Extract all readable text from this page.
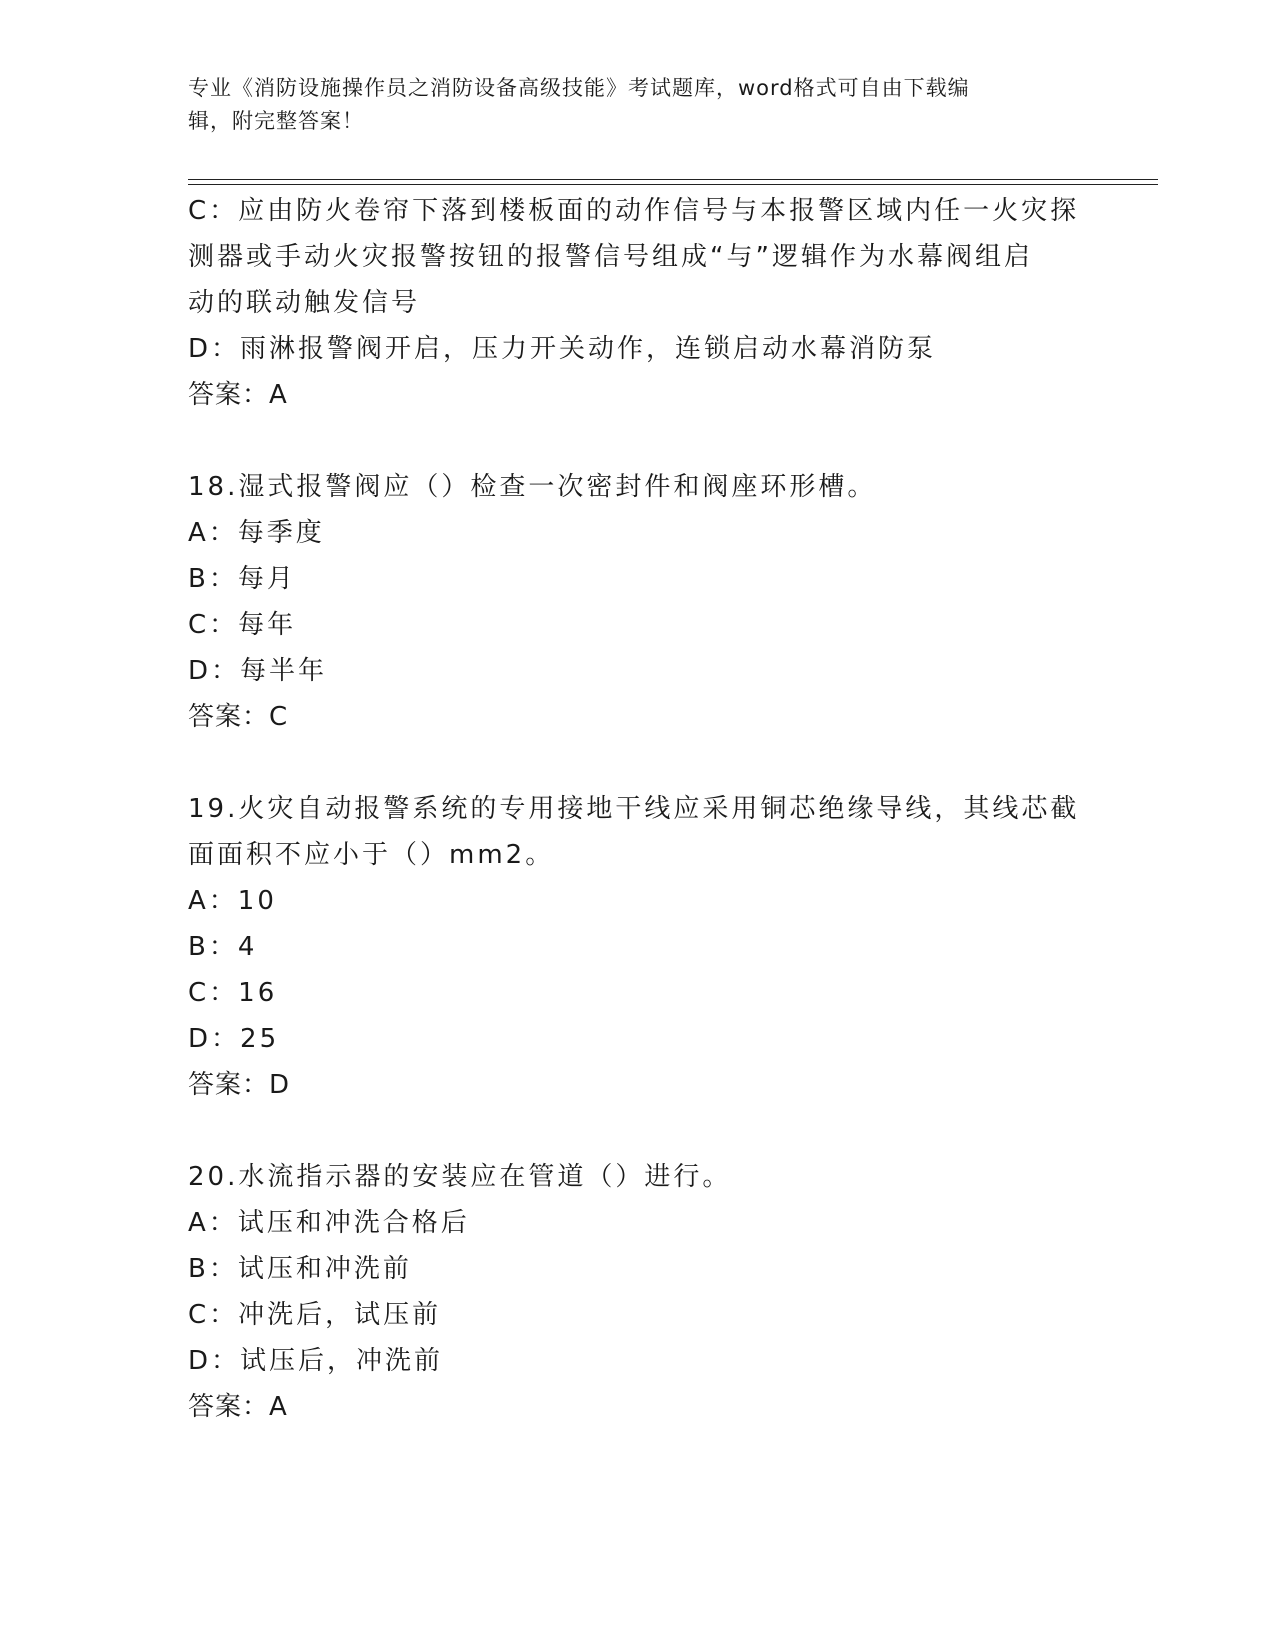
专业《消防设施操作员之消防设备高级技能》考试题库，word格式可自由下载编
辑，附完整答案！
C：应由防火卷帘下落到楼板面的动作信号与本报警区域内任一火灾探
测器或手动火灾报警按钮的报警信号组成“与”逻辑作为水幕阀组启
动的联动触发信号
D：雨淋报警阀开启，压力开关动作，连锁启动水幕消防泵
答案：A
18.湿式报警阀应（）检查一次密封件和阀座环形槽。
A：每季度
B：每月
C：每年
D：每半年
答案：C
19.火灾自动报警系统的专用接地干线应采用铜芯绝缘导线，其线芯截
面面积不应小于（）mm2。
A：10
B：4
C：16
D：25
答案：D
20.水流指示器的安装应在管道（）进行。
A：试压和冲洗合格后
B：试压和冲洗前
C：冲洗后，试压前
D：试压后，冲洗前
答案：A
